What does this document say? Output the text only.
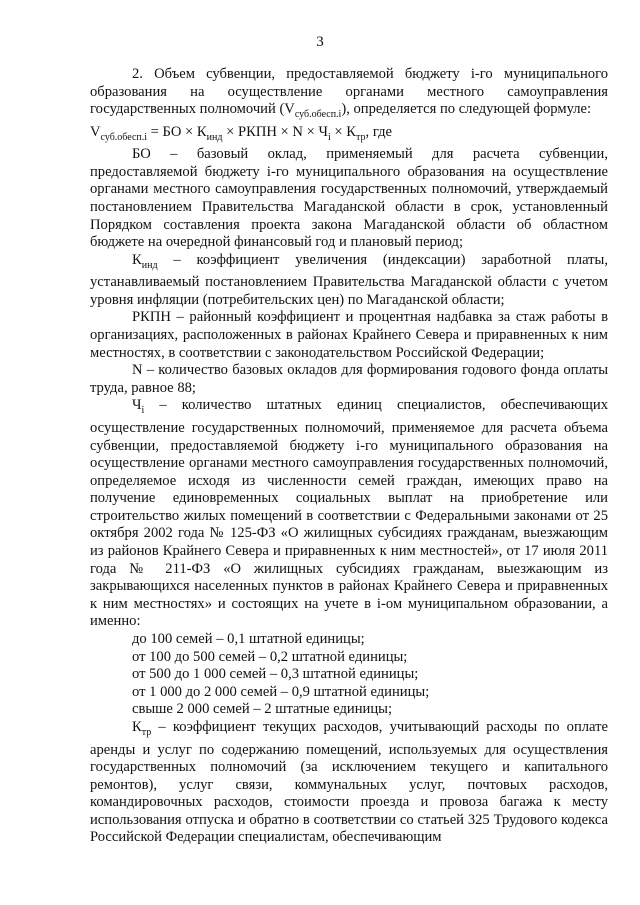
3

2. Объем субвенции, предоставляемой бюджету i-го муниципального образования на осуществление органами местного самоуправления государственных полномочий $(V_{суб.обесп.i})$, определяется по следующей формуле:

$V_{суб.обесп.i}$ = БО × $К_{инд}$ × РКПН × $N \times Ч_i \times К_{тр}$, где

БО – базовый оклад, применяемый для расчета субвенции, предоставляемой бюджету i-го муниципального образования на осуществление органами местного самоуправления государственных полномочий, утверждаемый постановлением Правительства Магаданской области в срок, установленный Порядком составления проекта закона Магаданской области об областном бюджете на очередной финансовый год и плановый период;

$К_{инд}$ – коэффициент увеличения (индексации) заработной платы, устанавливаемый постановлением Правительства Магаданской области с учетом уровня инфляции (потребительских цен) по Магаданской области;

РКПН – районный коэффициент и процентная надбавка за стаж работы в организациях, расположенных в районах Крайнего Севера и приравненных к ним местностях, в соответствии с законодательством Российской Федерации;

N – количество базовых окладов для формирования годового фонда оплаты труда, равное 88;

$Ч_i$ – количество штатных единиц специалистов, обеспечивающих осуществление государственных полномочий, применяемое для расчета объема субвенции, предоставляемой бюджету i-го муниципального образования на осуществление органами местного самоуправления государственных полномочий, определяемое исходя из численности семей граждан, имеющих право на получение единовременных социальных выплат на приобретение или строительство жилых помещений в соответствии с Федеральными законами от 25 октября 2002 года № 125-ФЗ «О жилищных субсидиях гражданам, выезжающим из районов Крайнего Севера и приравненных к ним местностей», от 17 июля 2011 года № 211-ФЗ «О жилищных субсидиях гражданам, выезжающим из закрывающихся населенных пунктов в районах Крайнего Севера и приравненных к ним местностях» и состоящих на учете в i-ом муниципальном образовании, а именно:

до 100 семей – 0,1 штатной единицы;

от 100 до 500 семей – 0,2 штатной единицы;

от 500 до 1 000 семей – 0,3 штатной единицы;

от 1 000 до 2 000 семей – 0,9 штатной единицы;

свыше 2 000 семей – 2 штатные единицы;

$К_{тр}$ – коэффициент текущих расходов, учитывающий расходы по оплате аренды и услуг по содержанию помещений, используемых для осуществления государственных полномочий (за исключением текущего и капитального ремонтов), услуг связи, коммунальных услуг, почтовых расходов, командировочных расходов, стоимости проезда и провоза багажа к месту использования отпуска и обратно в соответствии со статьей 325 Трудового кодекса Российской Федерации специалистам, обеспечивающим
